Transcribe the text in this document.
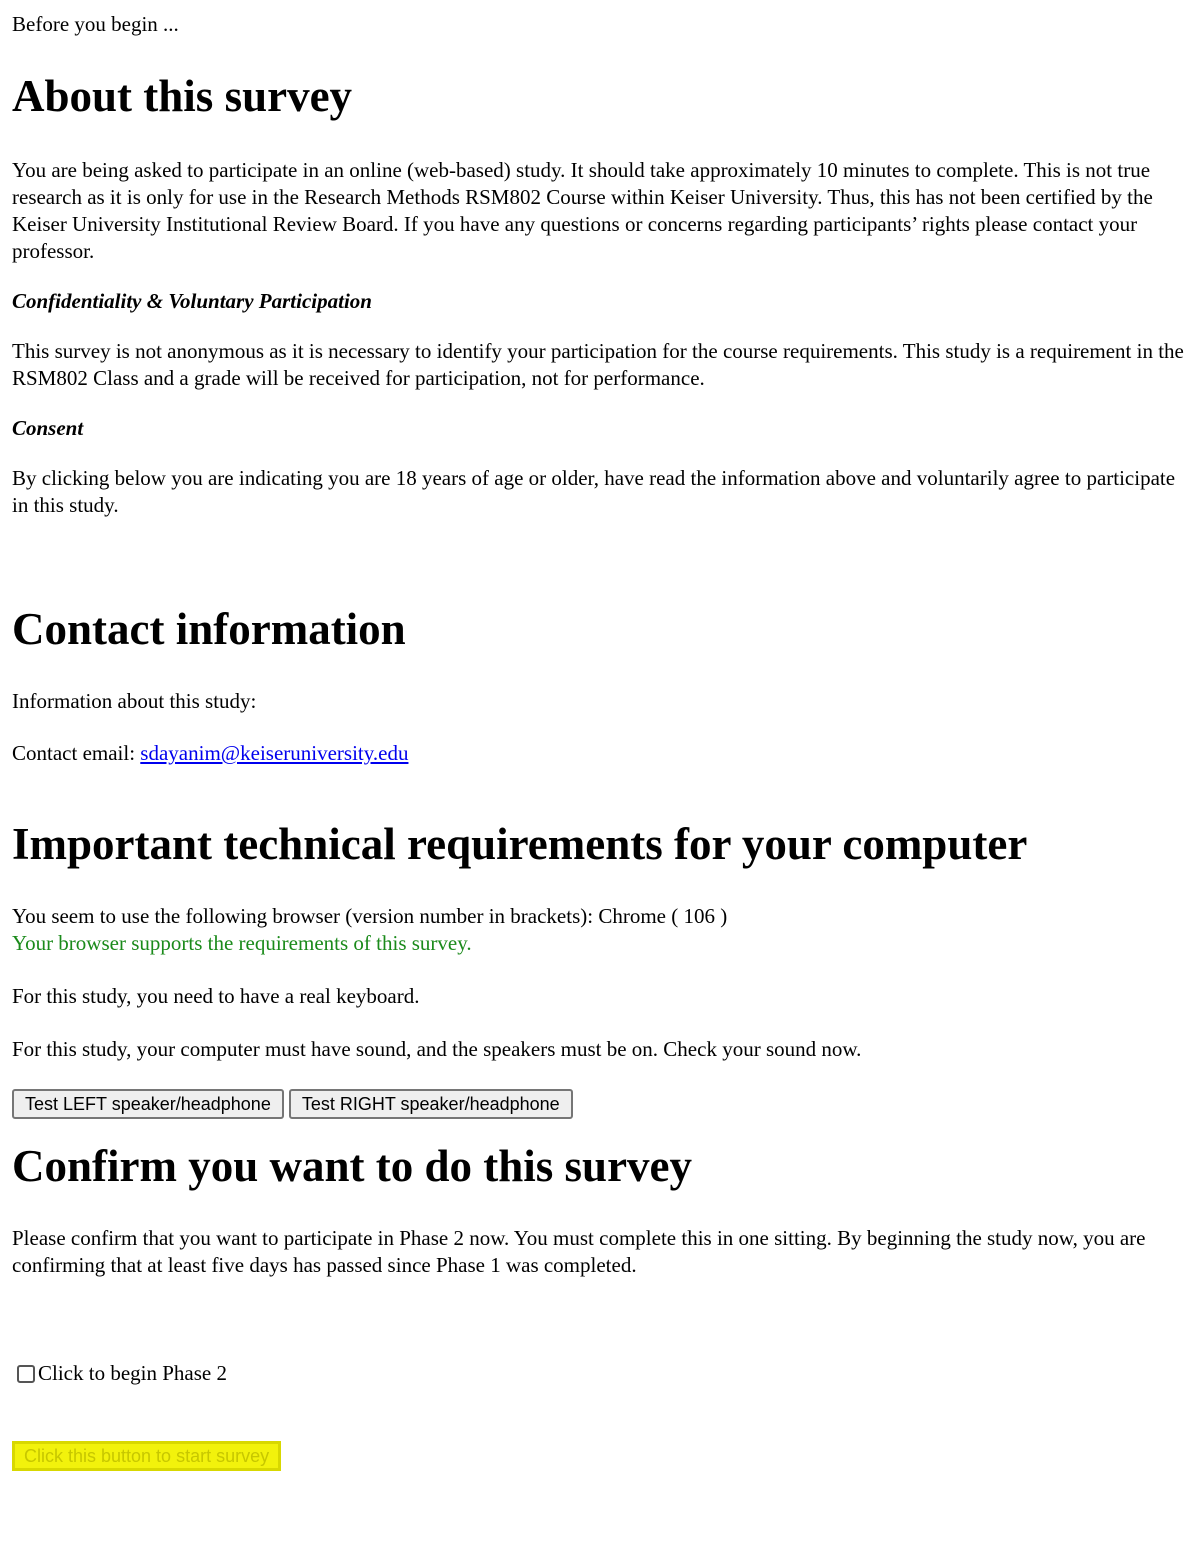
Before you begin ...

About this survey

You are being asked to participate in an online (web-based) study. It should take approximately 10 minutes to complete. This is not true research as it is only for use in the Research Methods RSM802 Course within Keiser University. Thus, this has not been certified by the Keiser University Institutional Review Board. If you have any questions or concerns regarding participants’ rights please contact your professor.

Confidentiality & Voluntary Participation

This survey is not anonymous as it is necessary to identify your participation for the course requirements. This study is a requirement in the RSM802 Class and a grade will be received for participation, not for performance.

Consent

By clicking below you are indicating you are 18 years of age or older, have read the information above and voluntarily agree to participate in this study.

Contact information

Information about this study:

Contact email: sdayanim@keiseruniversity.edu

Important technical requirements for your computer

You seem to use the following browser (version number in brackets): Chrome ( 106 )

Your browser supports the requirements of this survey.

For this study, you need to have a real keyboard.

For this study, your computer must have sound, and the speakers must be on. Check your sound now.

Test LEFT speaker/headphone	Test RIGHT speaker/headphone
Confirm you want to do this survey

Please confirm that you want to participate in Phase 2 now. You must complete this in one sitting. By beginning the study now, you are confirming that at least five days has passed since Phase 1 was completed.

Click to begin Phase 2
Click this button to start survey
